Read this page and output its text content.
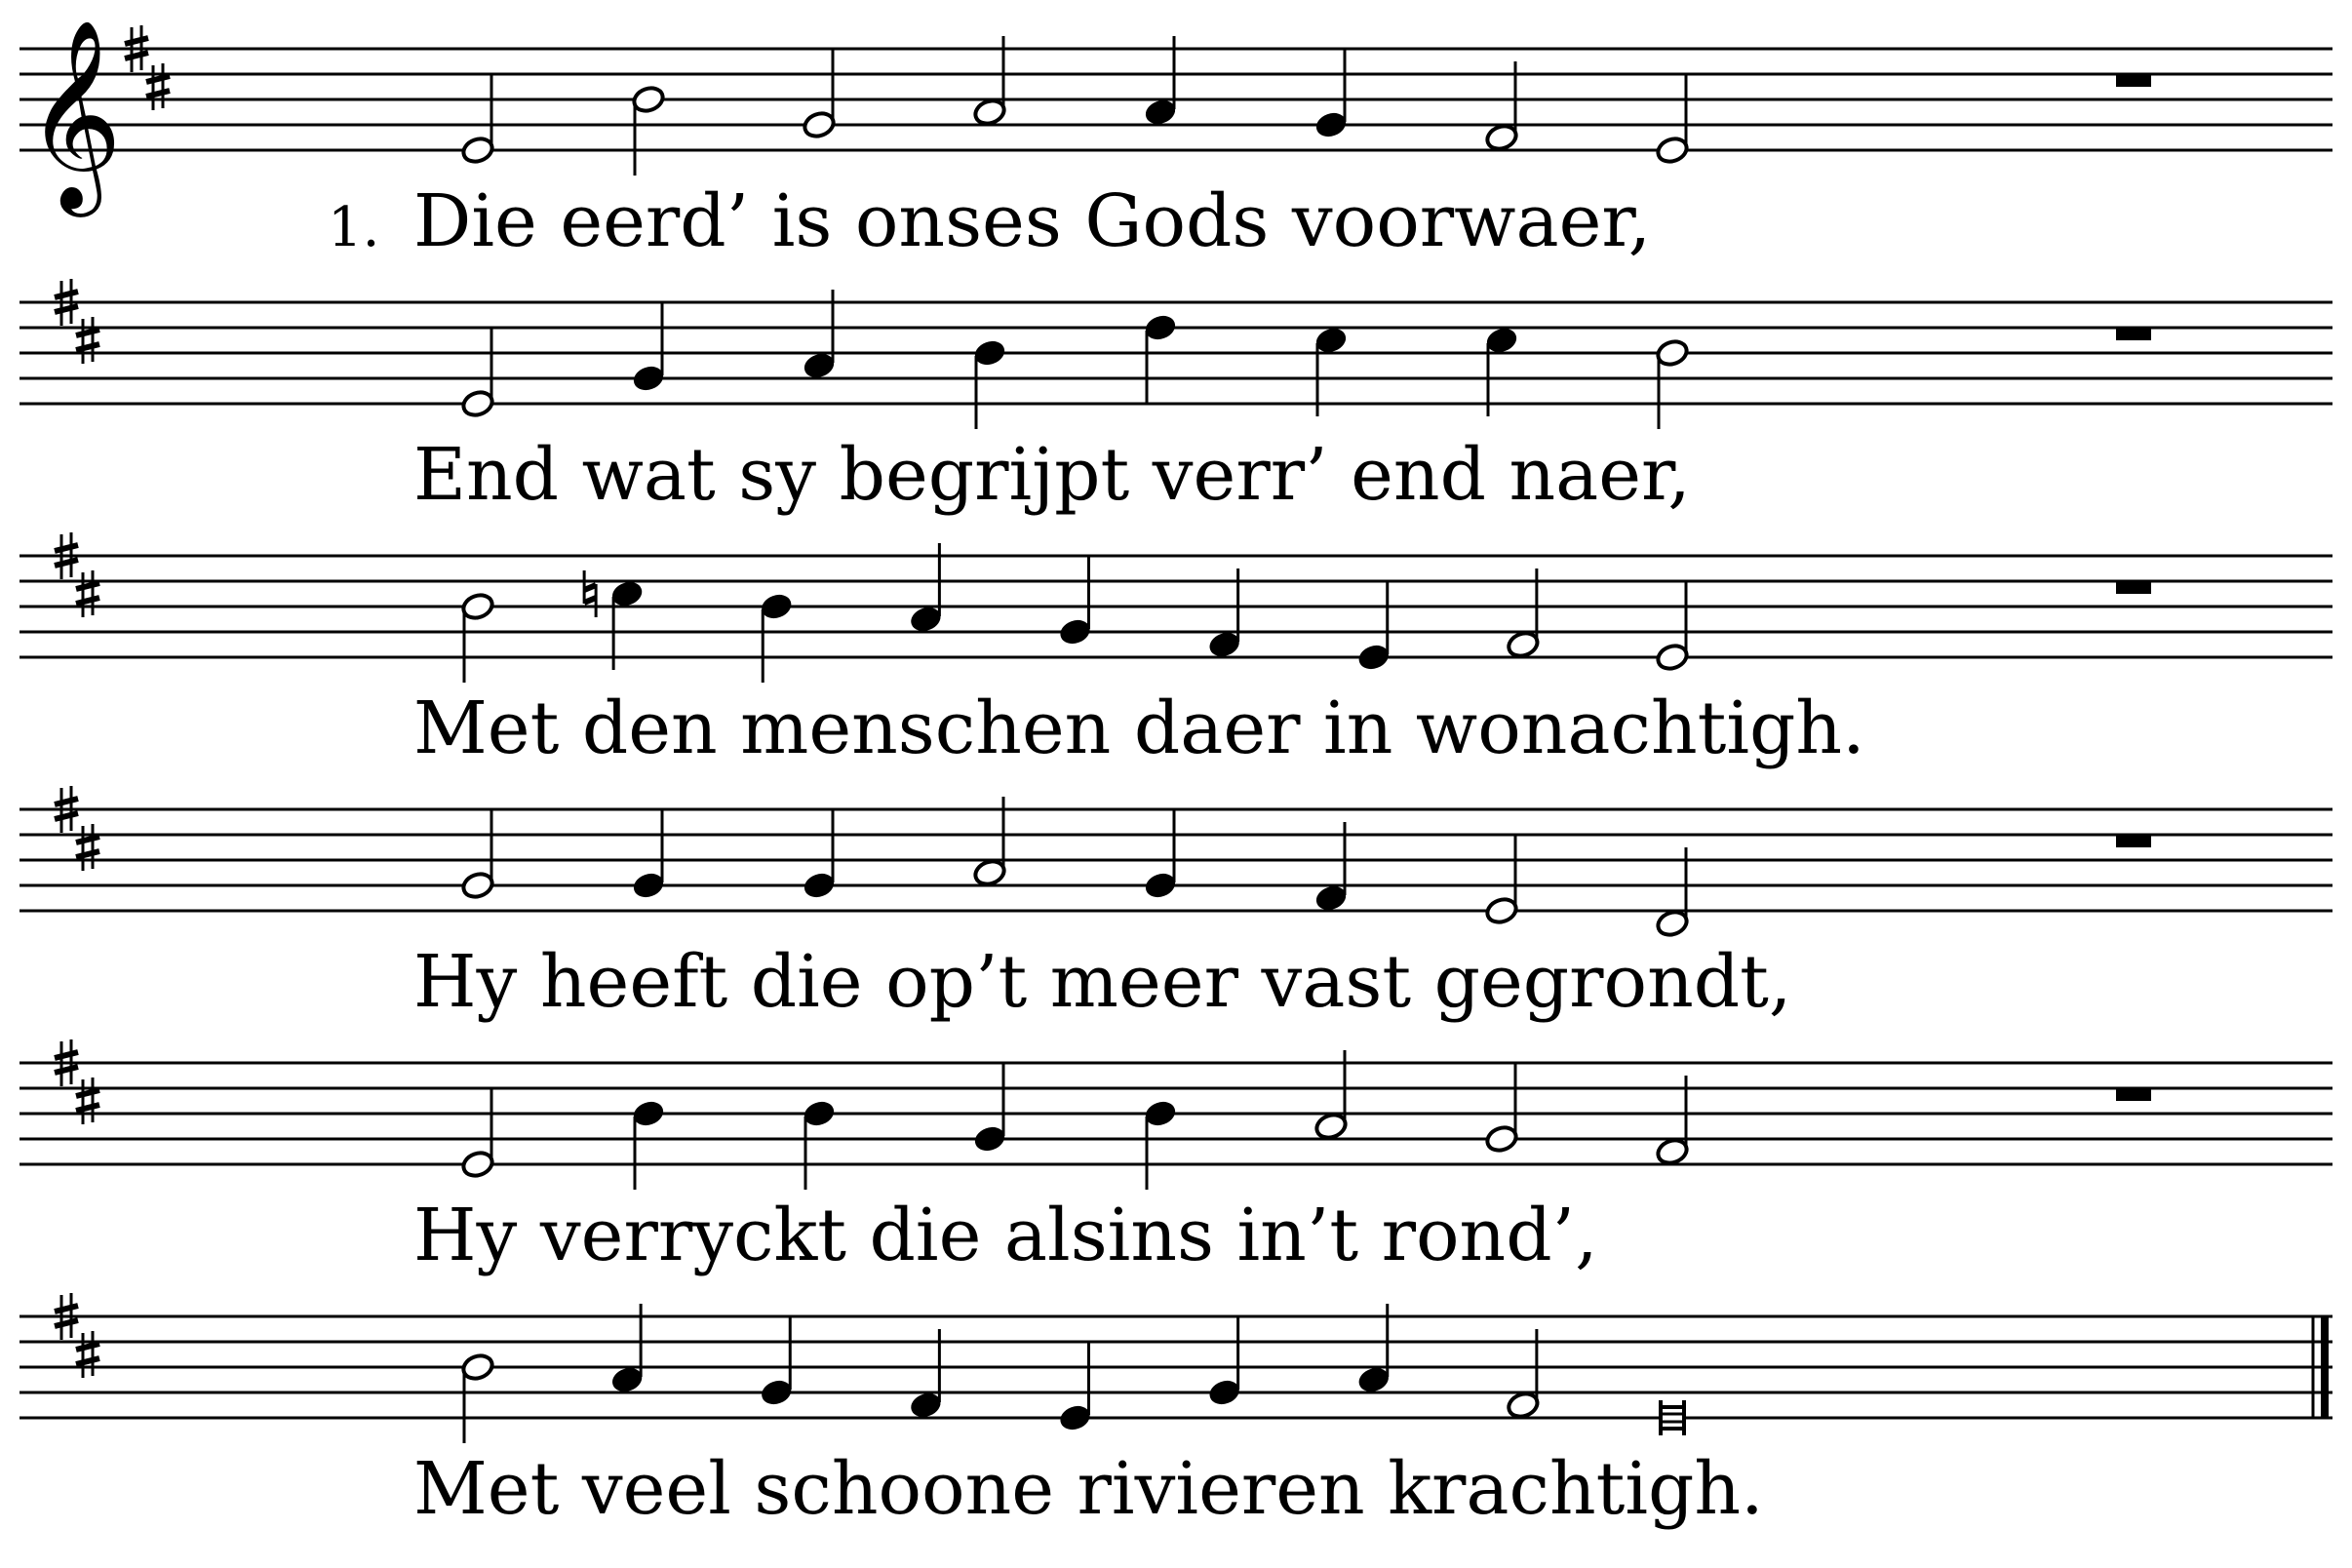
𝄞
1. Die eerd’ is onses Gods voorwaer,
End wat sy begrijpt verr’ end naer,
Met den menschen daer in wonachtigh.
Hy heeft die op’t meer vast gegrondt,
Hy verryckt die alsins in’t rond’,
Met veel schoone rivieren krachtigh.
